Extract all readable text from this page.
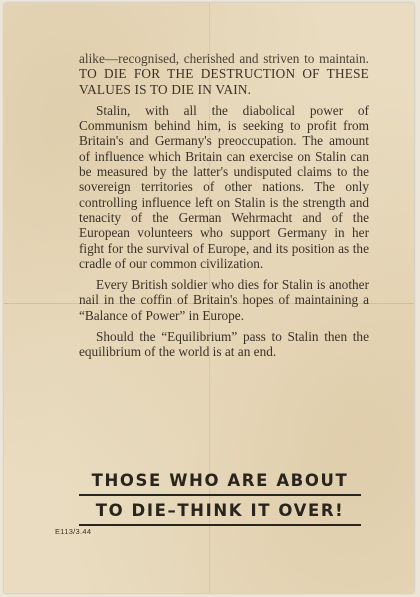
alike—recognised, cherished and striven to maintain. TO DIE FOR THE DESTRUCTION OF THESE VALUES IS TO DIE IN VAIN.

Stalin, with all the diabolical power of Communism behind him, is seeking to profit from Britain's and Germany's preoccupation. The amount of influence which Britain can exercise on Stalin can be measured by the latter's undisputed claims to the sovereign territories of other nations. The only controlling influence left on Stalin is the strength and tenacity of the German Wehrmacht and of the European volunteers who support Germany in her fight for the survival of Europe, and its position as the cradle of our common civilization.

Every British soldier who dies for Stalin is another nail in the coffin of Britain's hopes of maintaining a “Balance of Power” in Europe.

Should the “Equilibrium” pass to Stalin then the equilibrium of the world is at an end.

THOSE WHO ARE ABOUT
TO DIE–THINK IT OVER!
E113/3.44
